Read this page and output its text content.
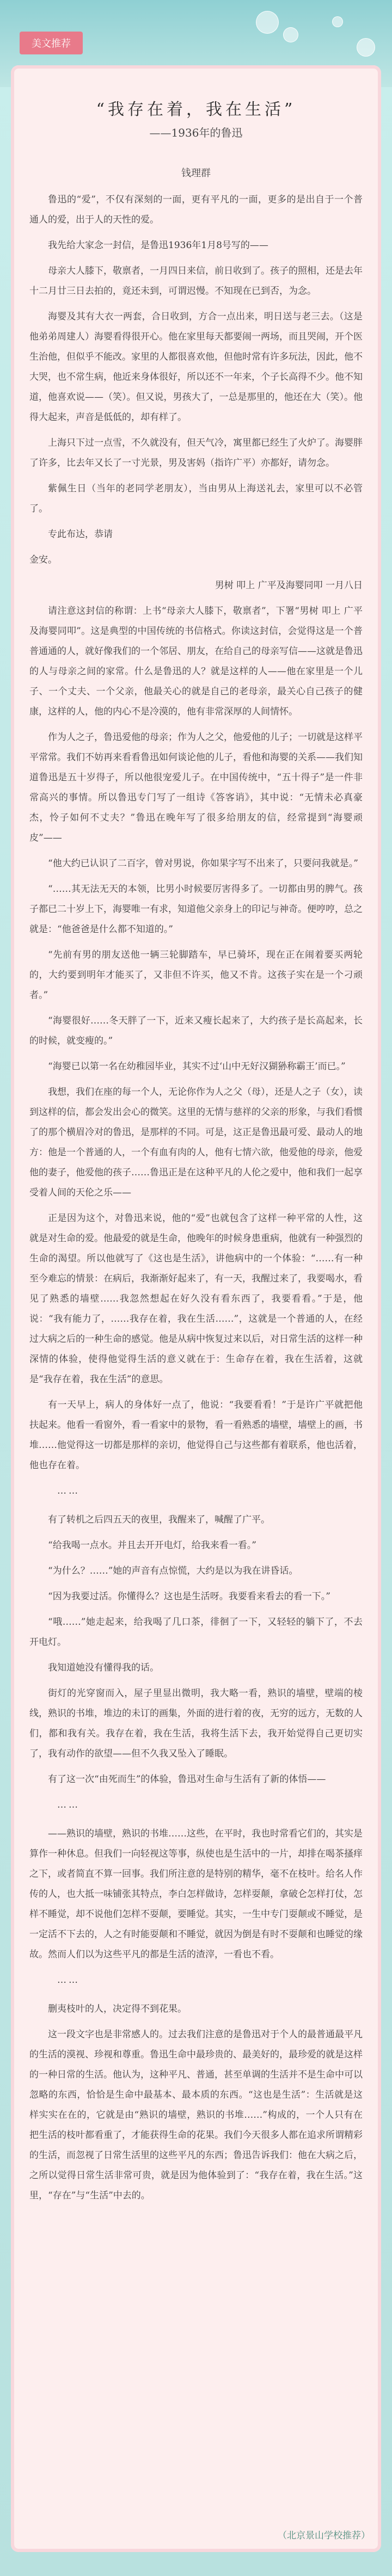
美文推荐
“我存在着，我在生活”
——1936年的鲁迅
钱理群

鲁迅的“爱”，不仅有深刻的一面，更有平凡的一面，更多的是出自于一个普通人的爱，出于人的天性的爱。

我先给大家念一封信，是鲁迅1936年1月8号写的——

母亲大人膝下，敬禀者，一月四日来信，前日收到了。孩子的照相，还是去年十二月廿三日去拍的，竟还未到，可谓迟慢。不知现在已到否，为念。

海婴及其有大衣一两套，合日收到，方合一点出来，明日送与老三去。（这是他弟弟周建人）海婴看得很开心。他在家里每天都要闹一两场，而且哭闹，开个医生治他，但似乎不能改。家里的人都很喜欢他，但他时常有许多玩法，因此，他不大哭，也不常生病，他近来身体很好，所以还不一年来，个子长高得不少。他不知道，他喜欢说——（笑）。但又说，男孩大了，一总是那里的，他还在大（笑）。他得大起来，声音是低低的，却有样了。

上海只下过一点雪，不久就没有，但天气冷，寓里都已经生了火炉了。海婴胖了许多，比去年又长了一寸光景，男及害妈（指许广平）亦都好，请勿念。

紫佩生日（当年的老同学老朋友），当由男从上海送礼去，家里可以不必管了。

专此布达，恭请

金安。

男树 叩上 广平及海婴同叩 一月八日

请注意这封信的称谓：上书“母亲大人膝下，敬禀者”，下署“男树 叩上 广平及海婴同叩”。这是典型的中国传统的书信格式。你读这封信，会觉得这是一个普普通通的人，就好像我们的一个邻居、朋友，在给自己的母亲写信——这就是鲁迅的人与母亲之间的家常。什么是鲁迅的人？就是这样的人——他在家里是一个儿子、一个丈夫、一个父亲，他最关心的就是自己的老母亲，最关心自己孩子的健康，这样的人，他的内心不是冷漠的，他有非常深厚的人间情怀。

作为人之子，鲁迅爱他的母亲；作为人之父，他爱他的儿子；一切就是这样平平常常。我们不妨再来看看鲁迅如何谈论他的儿子，看他和海婴的关系——我们知道鲁迅是五十岁得子，所以他很宠爱儿子。在中国传统中，“五十得子”是一件非常高兴的事情。所以鲁迅专门写了一组诗《答客诮》，其中说：“无情未必真豪杰，怜子如何不丈夫？”鲁迅在晚年写了很多给朋友的信，经常提到“海婴顽皮”——

“他大约已认识了二百字，曾对男说，你如果字写不出来了，只要问我就是。”

“……其无法无天的本领，比男小时候要厉害得多了。一切都由男的脾气。孩子都已二十岁上下，海婴唯一有求，知道他父亲身上的印记与神奇。便哼哼，总之就是：“他爸爸是什么都不知道的。”

“先前有男的朋友送他一辆三轮脚踏车，早已骑坏，现在正在闹着要买两轮的，大约要到明年才能买了，又非但不许买，他又不肯。这孩子实在是一个刁顽者。”

“海婴很好……冬天胖了一下，近来又瘦长起来了，大约孩子是长高起来，长的时候，就变瘦的。”

“海婴已以第一名在幼稚园毕业，其实不过‘山中无好汉猢狲称霸王’而已。”

我想，我们在座的每一个人，无论你作为人之父（母），还是人之子（女），读到这样的信，都会发出会心的微笑。这里的无情与慈祥的父亲的形象，与我们看惯了的那个横眉冷对的鲁迅，是那样的不同。可是，这正是鲁迅最可爱、最动人的地方：他是一个普通的人，一个有血有肉的人，他有七情六欲，他爱他的母亲，他爱他的妻子，他爱他的孩子……鲁迅正是在这种平凡的人伦之爱中，他和我们一起享受着人间的天伦之乐——

正是因为这个，对鲁迅来说，他的“爱”也就包含了这样一种平常的人性，这就是对生命的爱。他最爱的就是生命，他晚年的时候身患重病，他就有一种强烈的生命的渴望。所以他就写了《这也是生活》，讲他病中的一个体验：“……有一种至今难忘的情景：在病后，我渐渐好起来了，有一天，我醒过来了，我要喝水，看见了熟悉的墙壁……我忽然想起在好久没有看东西了，我要看看。”于是，他说：“我有能力了，……我存在着，我在生活……”，这就是一个普通的人，在经过大病之后的一种生命的感觉。他是从病中恢复过来以后，对日常生活的这样一种深情的体验，使得他觉得生活的意义就在于：生命存在着，我在生活着，这就是“我存在着，我在生活”的意思。

有一天早上，病人的身体好一点了，他说：“我要看看！”于是许广平就把他扶起来。他看一看窗外，看一看家中的景物，看一看熟悉的墙壁，墙壁上的画，书堆……他觉得这一切都是那样的亲切，他觉得自己与这些都有着联系，他也活着，他也存在着。

……

有了转机之后四五天的夜里，我醒来了，喊醒了广平。

“给我喝一点水。并且去开开电灯，给我来看一看。”

“为什么？……”她的声音有点惊慌，大约是以为我在讲昏话。

“因为我要过活。你懂得么？这也是生活呀。我要看来看去的看一下。”

“哦……”她走起来，给我喝了几口茶，徘徊了一下，又轻轻的躺下了，不去开电灯。

我知道她没有懂得我的话。

街灯的光穿窗而入，屋子里显出微明，我大略一看，熟识的墙壁，壁端的棱线，熟识的书堆，堆边的未订的画集，外面的进行着的夜，无穷的远方，无数的人们，都和我有关。我存在着，我在生活，我将生活下去，我开始觉得自己更切实了，我有动作的欲望——但不久我又坠入了睡眠。

有了这一次“由死而生”的体验，鲁迅对生命与生活有了新的体悟——

……

——熟识的墙壁，熟识的书堆……这些，在平时，我也时常看它们的，其实是算作一种休息。但我们一向轻视这等事，纵使也是生活中的一片，却排在喝茶搔痒之下，或者简直不算一回事。我们所注意的是特别的精华，毫不在枝叶。给名人作传的人，也大抵一味铺张其特点，李白怎样做诗，怎样耍颠，拿破仑怎样打仗，怎样不睡觉，却不说他们怎样不耍颠，要睡觉。其实，一生中专门耍颠或不睡觉，是一定活不下去的，人之有时能耍颠和不睡觉，就因为倒是有时不耍颠和也睡觉的缘故。然而人们以为这些平凡的都是生活的渣滓，一看也不看。

……

删夷枝叶的人，决定得不到花果。

这一段文字也是非常感人的。过去我们注意的是鲁迅对于个人的最普通最平凡的生活的漠视、珍视和尊重。鲁迅生命中最珍贵的、最美好的，最珍爱的就是这样的一种日常的生活。他认为，这种平凡、普通，甚至单调的生活并不是生命中可以忽略的东西，恰恰是生命中最基本、最本质的东西。“这也是生活”：生活就是这样实实在在的，它就是由“熟识的墙壁，熟识的书堆……”构成的，一个人只有在把生活的枝叶都看重了，才能获得生命的花果。我们今天很多人都在追求所谓精彩的生活，而忽视了日常生活里的这些平凡的东西；鲁迅告诉我们：他在大病之后，之所以觉得日常生活非常可贵，就是因为他体验到了：“我存在着，我在生活。”这里，“存在”与“生活”中去的。

（北京景山学校推荐）
